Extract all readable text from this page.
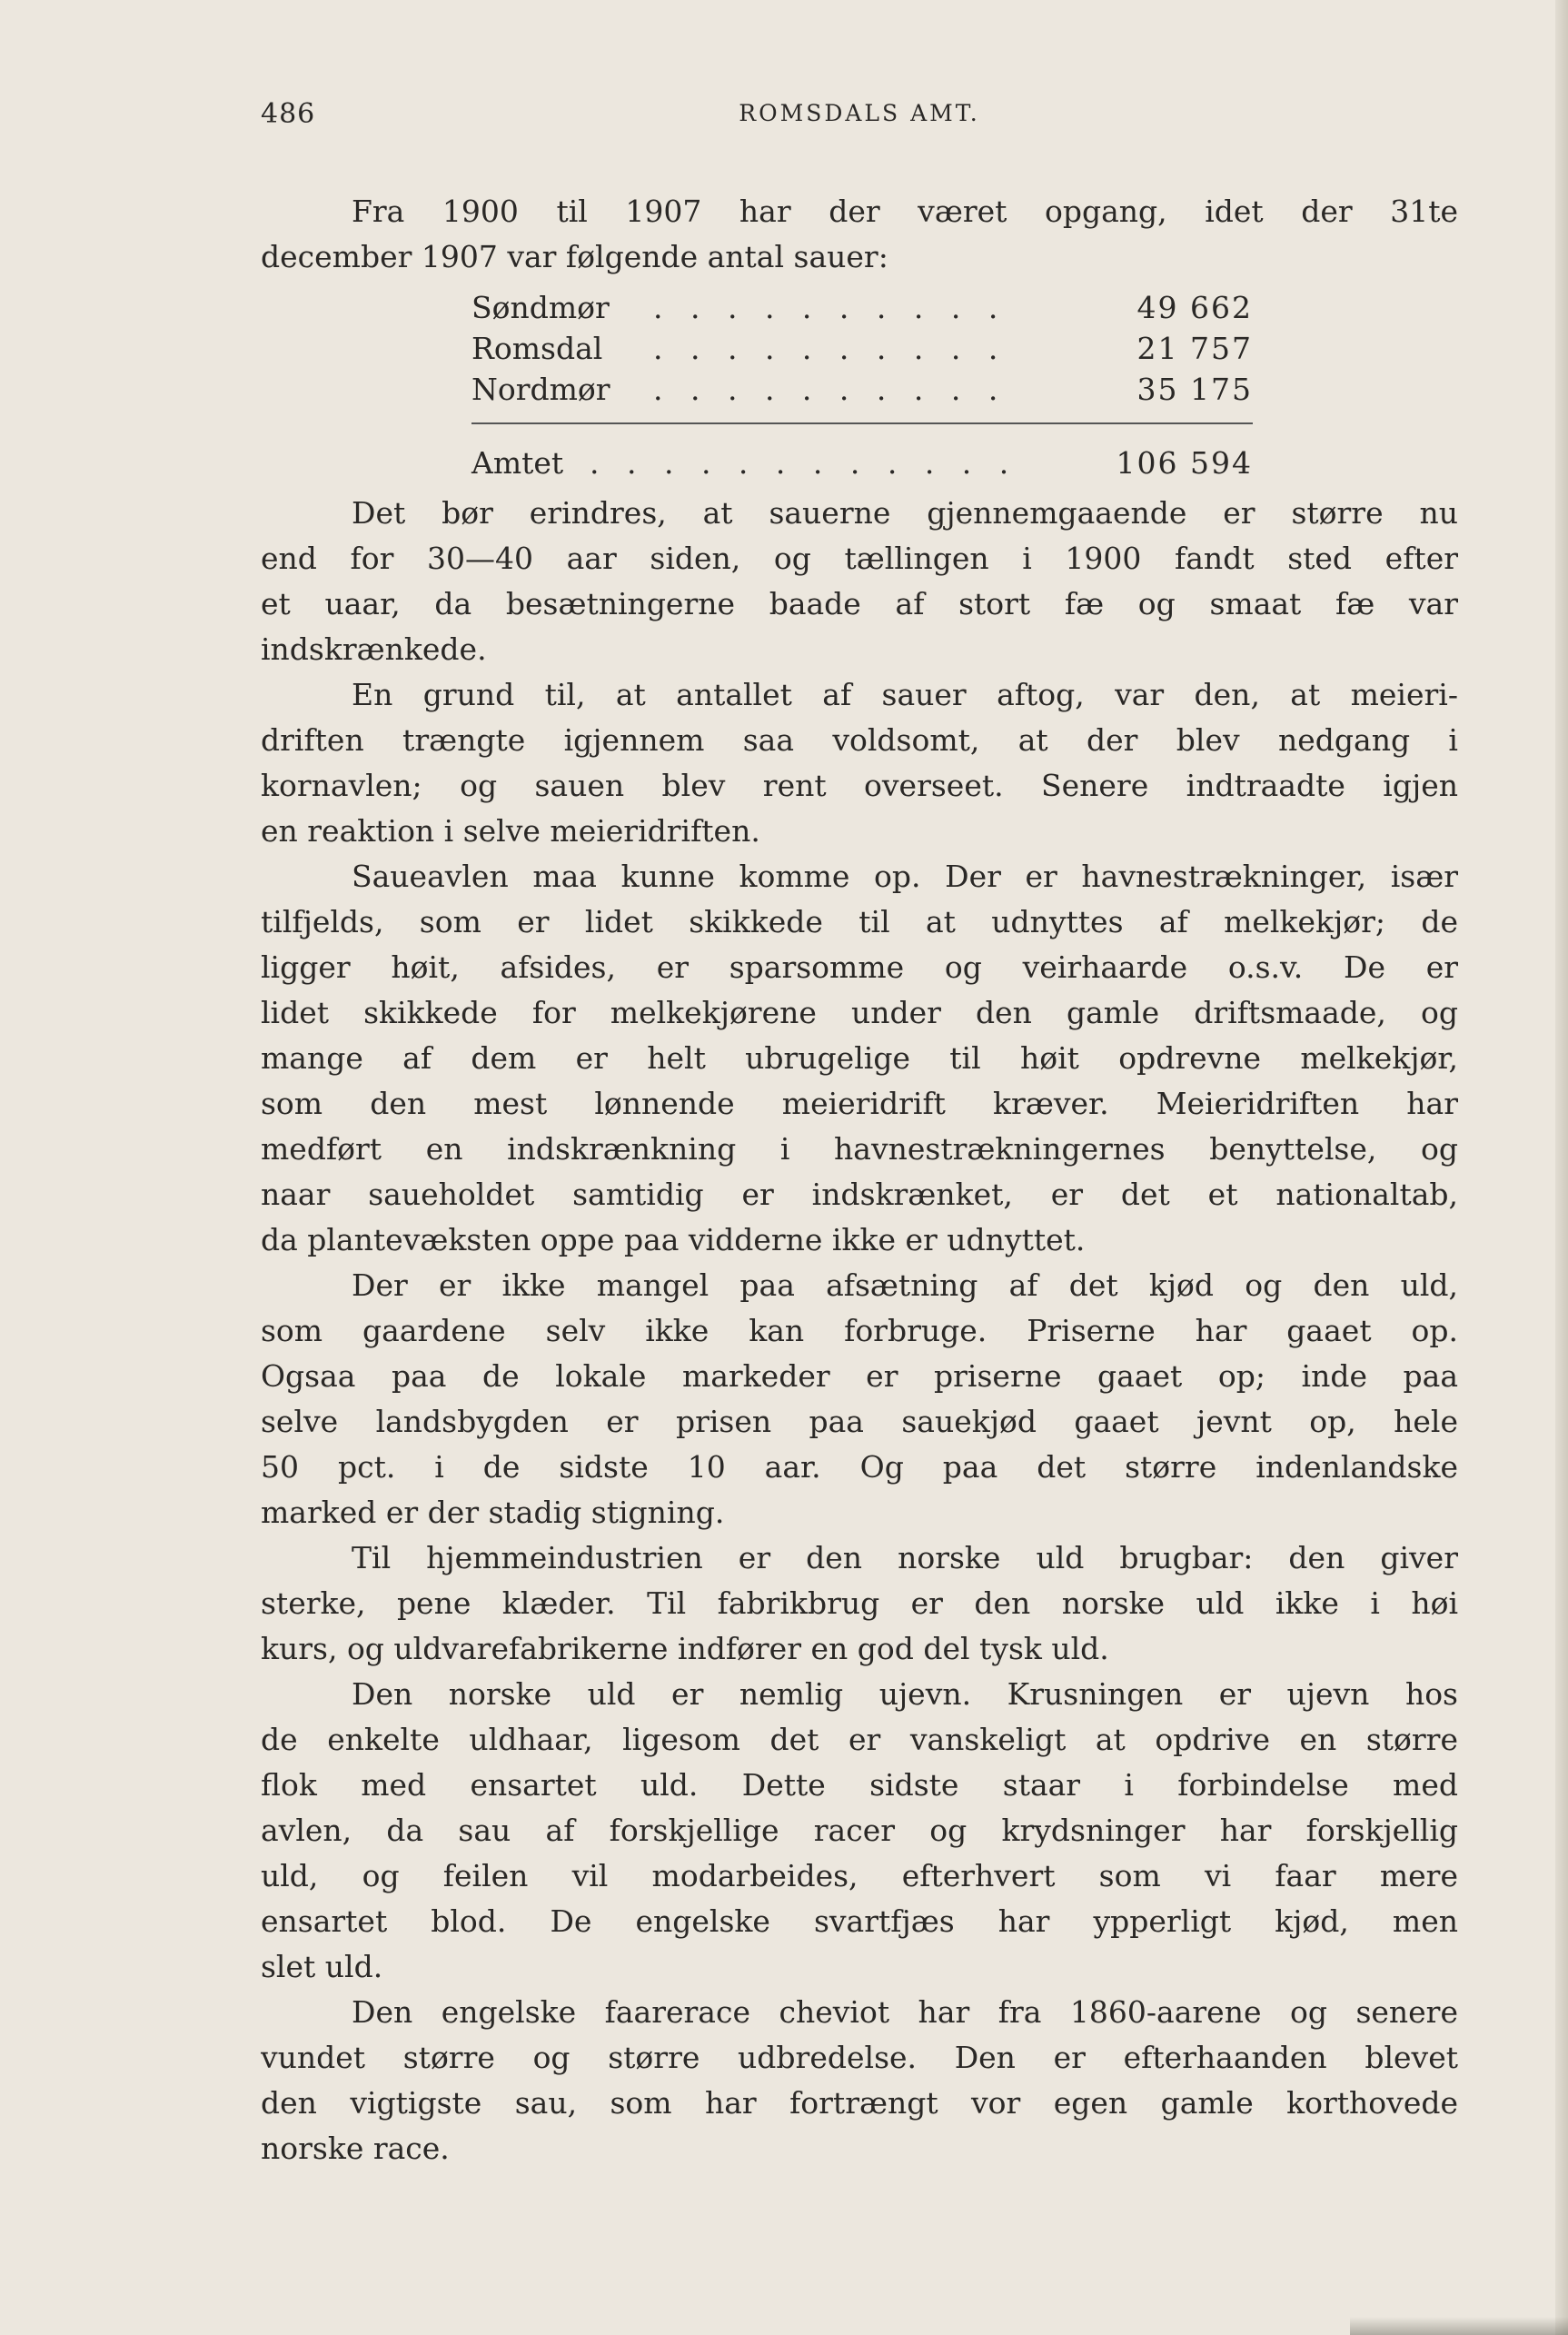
486	ROMSDALS AMT.
Fra 1900 til 1907 har der været opgang, idet der 31te
december 1907 var følgende antal sauer:
Søndmør . . . . . . . . . .	49 662
Romsdal . . . . . . . . . .	21 757
Nordmør . . . . . . . . . .	35 175
Amtet . . . . . . . . . . . .	106 594
Det bør erindres, at sauerne gjennemgaaende er større nu
end for 30—40 aar siden, og tællingen i 1900 fandt sted efter
et uaar, da besætningerne baade af stort fæ og smaat fæ var
indskrænkede.
En grund til, at antallet af sauer aftog, var den, at meieri-
driften trængte igjennem saa voldsomt, at der blev nedgang i
kornavlen; og sauen blev rent overseet. Senere indtraadte igjen
en reaktion i selve meieridriften.
Saueavlen maa kunne komme op. Der er havnestrækninger, især
tilfjelds, som er lidet skikkede til at udnyttes af melkekjør; de
ligger høit, afsides, er sparsomme og veirhaarde o.s.v. De er
lidet skikkede for melkekjørene under den gamle driftsmaade, og
mange af dem er helt ubrugelige til høit opdrevne melkekjør,
som den mest lønnende meieridrift kræver. Meieridriften har
medført en indskrænkning i havnestrækningernes benyttelse, og
naar saueholdet samtidig er indskrænket, er det et nationaltab,
da plantevæksten oppe paa vidderne ikke er udnyttet.
Der er ikke mangel paa afsætning af det kjød og den uld,
som gaardene selv ikke kan forbruge. Priserne har gaaet op.
Ogsaa paa de lokale markeder er priserne gaaet op; inde paa
selve landsbygden er prisen paa sauekjød gaaet jevnt op, hele
50 pct. i de sidste 10 aar. Og paa det større indenlandske
marked er der stadig stigning.
Til hjemmeindustrien er den norske uld brugbar: den giver
sterke, pene klæder. Til fabrikbrug er den norske uld ikke i høi
kurs, og uldvarefabrikerne indfører en god del tysk uld.
Den norske uld er nemlig ujevn. Krusningen er ujevn hos
de enkelte uldhaar, ligesom det er vanskeligt at opdrive en større
flok med ensartet uld. Dette sidste staar i forbindelse med
avlen, da sau af forskjellige racer og krydsninger har forskjellig
uld, og feilen vil modarbeides, efterhvert som vi faar mere
ensartet blod. De engelske svartfjæs har ypperligt kjød, men
slet uld.
Den engelske faarerace cheviot har fra 1860-aarene og senere
vundet større og større udbredelse. Den er efterhaanden blevet
den vigtigste sau, som har fortrængt vor egen gamle korthovede
norske race.
